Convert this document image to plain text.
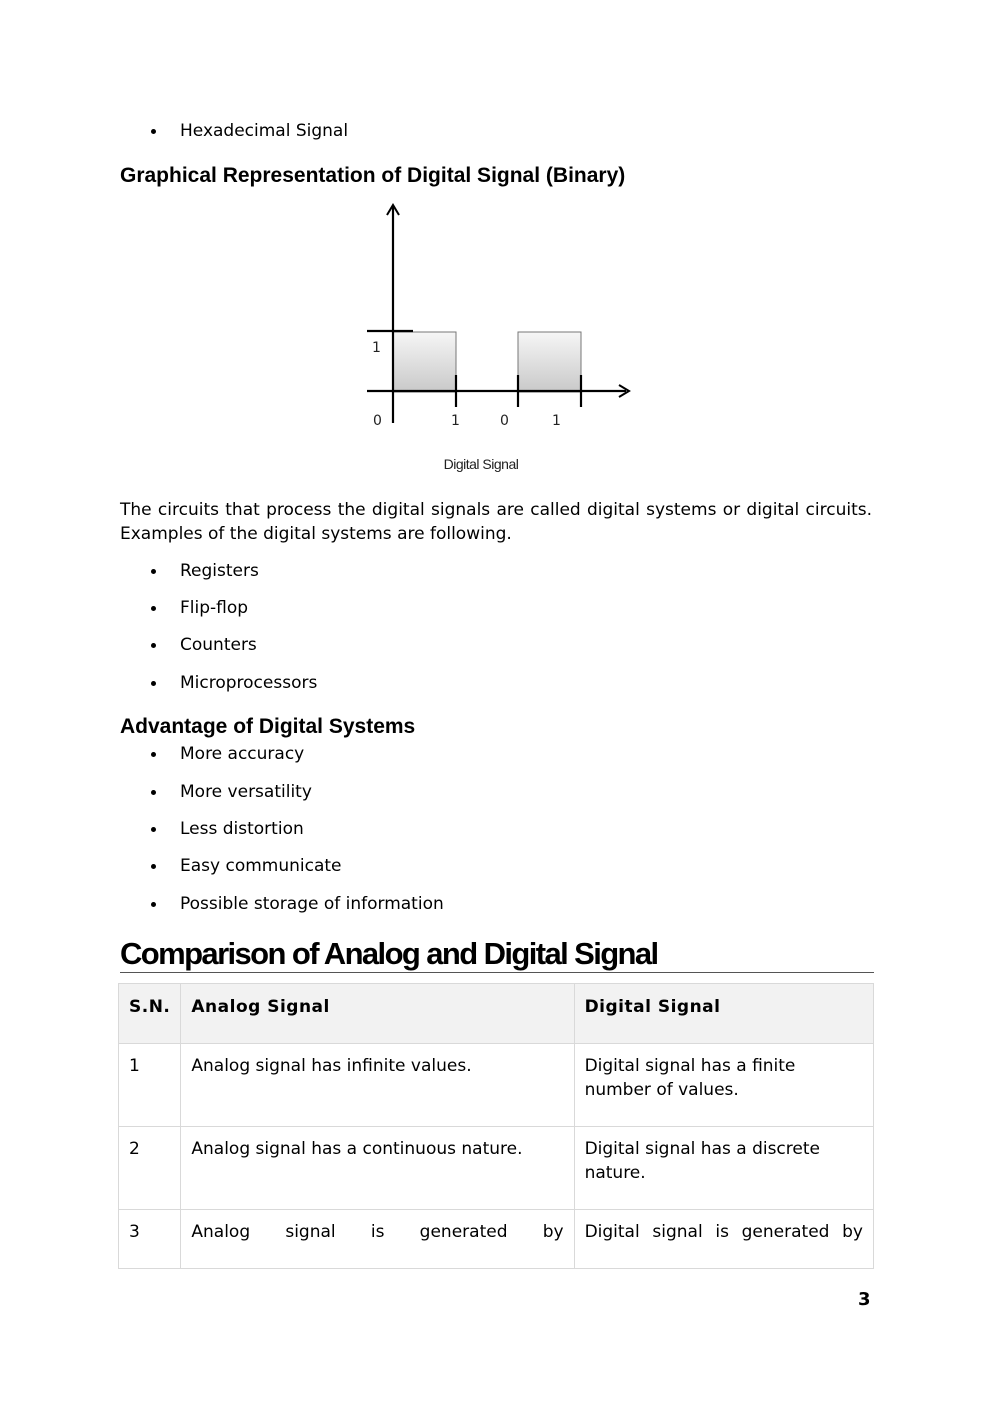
Hexadecimal Signal
Graphical Representation of Digital Signal (Binary)
1
0	1	0	1
Digital Signal
The circuits that process the digital signals are called digital systems or digital circuits. Examples of the digital systems are following.
Registers
Flip-flop
Counters
Microprocessors
Advantage of Digital Systems
More accuracy
More versatility
Less distortion
Easy communicate
Possible storage of information
Comparison of Analog and Digital Signal
S.N.	Analog Signal	Digital Signal
1	Analog signal has infinite values.	Digital signal has a finite number of values.
2	Analog signal has a continuous nature.	Digital signal has a discrete nature.
3	Analog signal is generated by	Digital signal is generated by
3
